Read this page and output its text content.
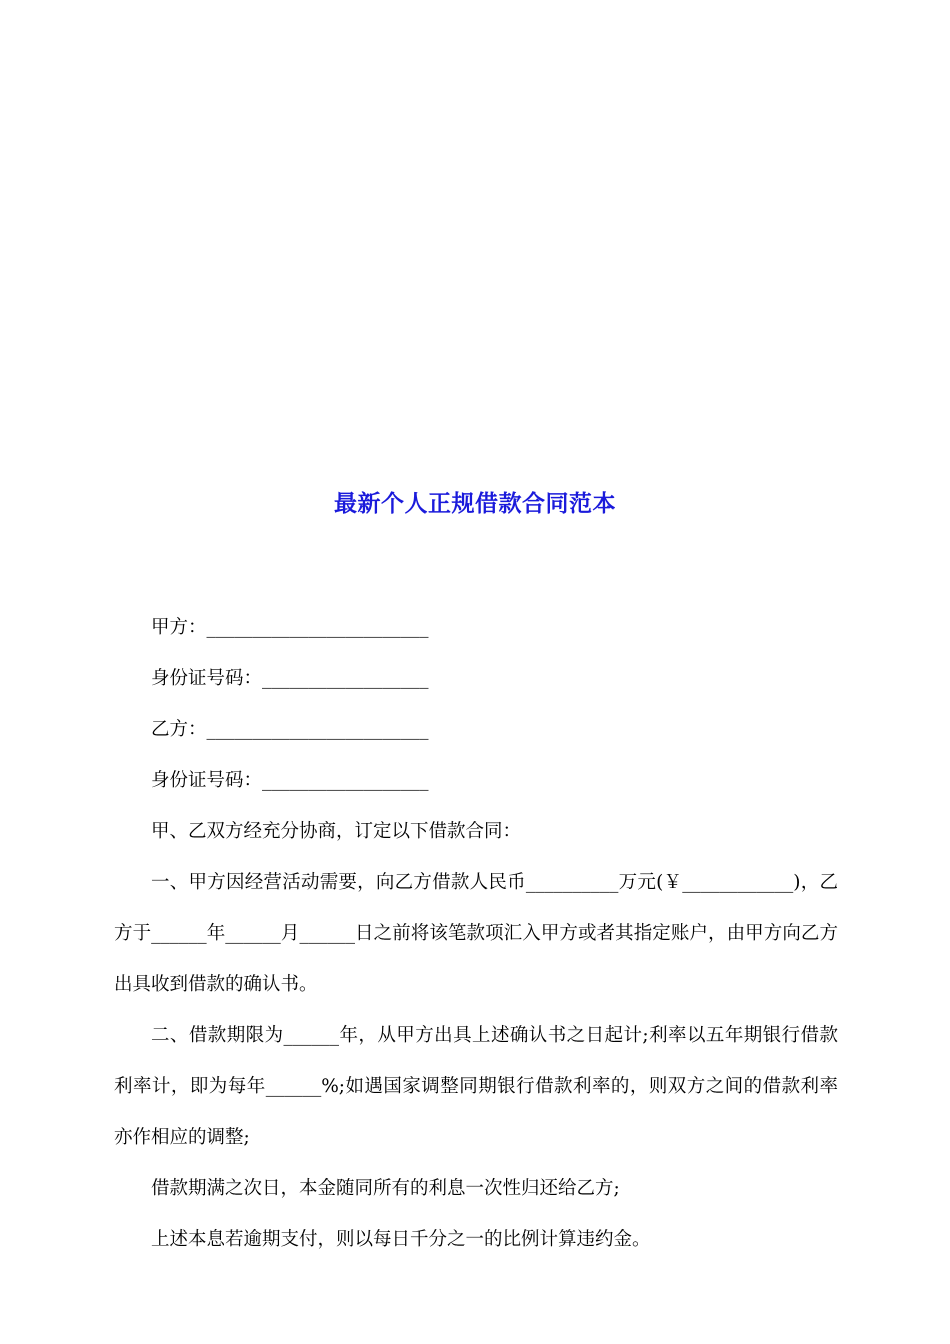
最新个人正规借款合同范本

甲方：________________________

身份证号码：__________________

乙方：________________________

身份证号码：__________________

甲、乙双方经充分协商，订定以下借款合同：

一、甲方因经营活动需要，向乙方借款人民币__________万元(￥____________)，乙方于______年______月______日之前将该笔款项汇入甲方或者其指定账户，由甲方向乙方出具收到借款的确认书。

二、借款期限为______年，从甲方出具上述确认书之日起计;利率以五年期银行借款利率计，即为每年______%;如遇国家调整同期银行借款利率的，则双方之间的借款利率亦作相应的调整;

借款期满之次日，本金随同所有的利息一次性归还给乙方;

上述本息若逾期支付，则以每日千分之一的比例计算违约金。
